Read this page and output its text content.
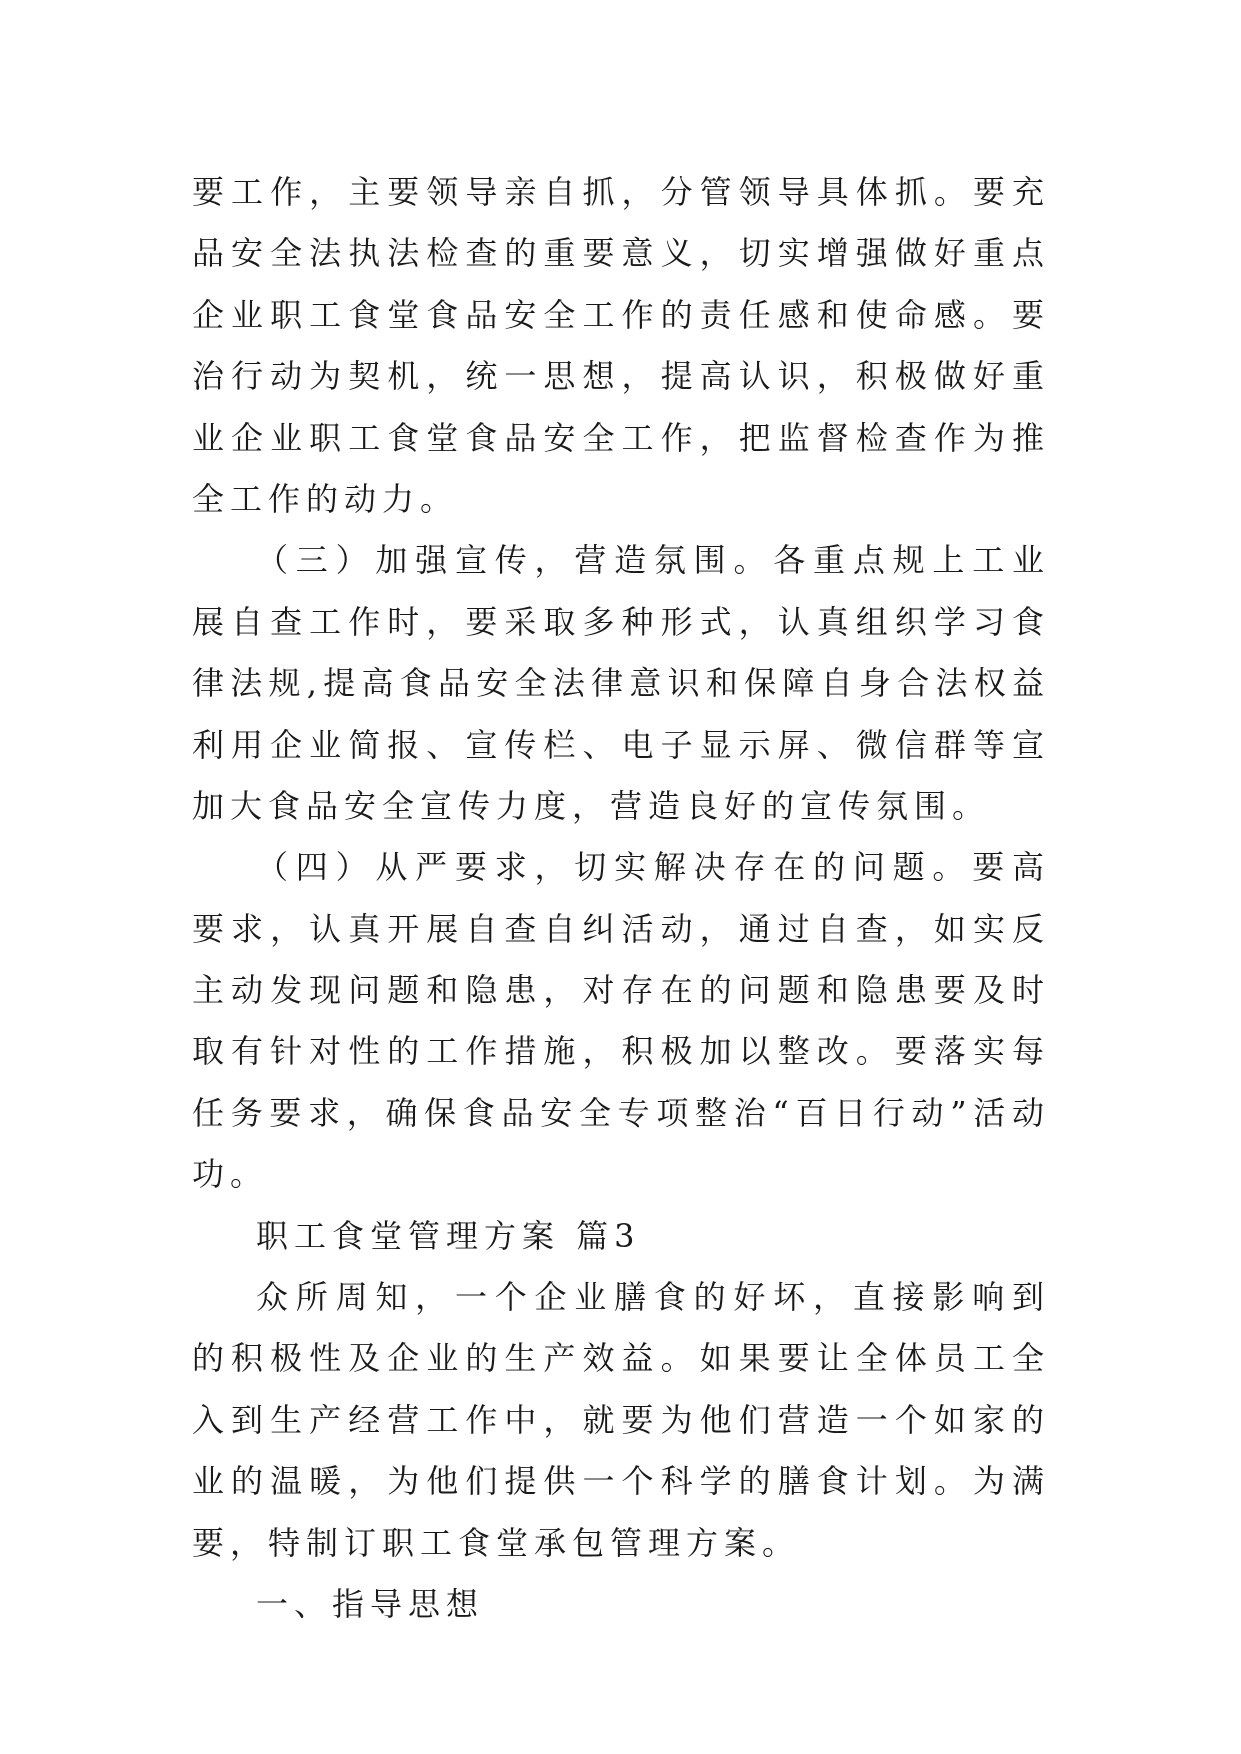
要工作，主要领导亲自抓，分管领导具体抓。要充
品安全法执法检查的重要意义，切实增强做好重点
企业职工食堂食品安全工作的责任感和使命感。要
治行动为契机，统一思想，提高认识，积极做好重
业企业职工食堂食品安全工作，把监督检查作为推
全工作的动力。
（三）加强宣传，营造氛围。各重点规上工业
展自查工作时，要采取多种形式，认真组织学习食
律法规,提高食品安全法律意识和保障自身合法权益
利用企业简报、宣传栏、电子显示屏、微信群等宣
加大食品安全宣传力度，营造良好的宣传氛围。
（四）从严要求，切实解决存在的问题。要高
要求，认真开展自查自纠活动，通过自查，如实反
主动发现问题和隐患，对存在的问题和隐患要及时
取有针对性的工作措施，积极加以整改。要落实每
任务要求，确保食品安全专项整治“百日行动”活动
功。
职工食堂管理方案 篇3
众所周知，一个企业膳食的好坏，直接影响到
的积极性及企业的生产效益。如果要让全体员工全
入到生产经营工作中，就要为他们营造一个如家的
业的温暖，为他们提供一个科学的膳食计划。为满
要，特制订职工食堂承包管理方案。
一、指导思想
